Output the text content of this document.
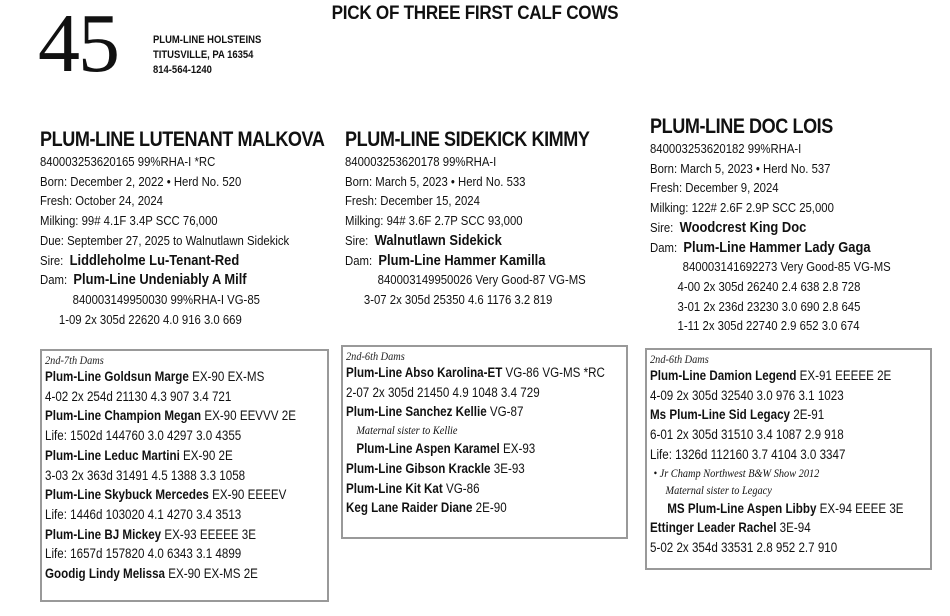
45	PLUM-LINE HOLSTEINS
TITUSVILLE, PA 16354
814-564-1240
PICK OF THREE FIRST CALF COWS
PLUM-LINE LUTENANT MALKOVA
840003253620165 99%RHA-I *RC
Born: December 2, 2022 • Herd No. 520
Fresh: October 24, 2024
Milking: 99# 4.1F 3.4P SCC 76,000
Due: September 27, 2025 to Walnutlawn Sidekick
Sire: Liddleholme Lu-Tenant-Red
Dam: Plum-Line Undeniably A Milf
840003149950030 99%RHA-I VG-85
1-09 2x 305d 22620 4.0 916 3.0 669
2nd-7th Dams
Plum-Line Goldsun Marge EX-90 EX-MS
4-02 2x 254d 21130 4.3 907 3.4 721
Plum-Line Champion Megan EX-90 EEVVV 2E
Life: 1502d 144760 3.0 4297 3.0 4355
Plum-Line Leduc Martini EX-90 2E
3-03 2x 363d 31491 4.5 1388 3.3 1058
Plum-Line Skybuck Mercedes EX-90 EEEEV
Life: 1446d 103020 4.1 4270 3.4 3513
Plum-Line BJ Mickey EX-93 EEEEE 3E
Life: 1657d 157820 4.0 6343 3.1 4899
Goodig Lindy Melissa EX-90 EX-MS 2E
PLUM-LINE SIDEKICK KIMMY
840003253620178 99%RHA-I
Born: March 5, 2023 • Herd No. 533
Fresh: December 15, 2024
Milking: 94# 3.6F 2.7P SCC 93,000
Sire: Walnutlawn Sidekick
Dam: Plum-Line Hammer Kamilla
840003149950026 Very Good-87 VG-MS
3-07 2x 305d 25350 4.6 1176 3.2 819
2nd-6th Dams
Plum-Line Abso Karolina-ET VG-86 VG-MS *RC
2-07 2x 305d 21450 4.9 1048 3.4 729
Plum-Line Sanchez Kellie VG-87
Maternal sister to Kellie
Plum-Line Aspen Karamel EX-93
Plum-Line Gibson Krackle 3E-93
Plum-Line Kit Kat VG-86
Keg Lane Raider Diane 2E-90
PLUM-LINE DOC LOIS
840003253620182 99%RHA-I
Born: March 5, 2023 • Herd No. 537
Fresh: December 9, 2024
Milking: 122# 2.6F 2.9P SCC 25,000
Sire: Woodcrest King Doc
Dam: Plum-Line Hammer Lady Gaga
840003141692273 Very Good-85 VG-MS
4-00 2x 305d 26240 2.4 638 2.8 728
3-01 2x 236d 23230 3.0 690 2.8 645
1-11 2x 305d 22740 2.9 652 3.0 674
2nd-6th Dams
Plum-Line Damion Legend EX-91 EEEEE 2E
4-09 2x 305d 32540 3.0 976 3.1 1023
Ms Plum-Line Sid Legacy 2E-91
6-01 2x 305d 31510 3.4 1087 2.9 918
Life: 1326d 112160 3.7 4104 3.0 3347
• Jr Champ Northwest B&W Show 2012
Maternal sister to Legacy
MS Plum-Line Aspen Libby EX-94 EEEE 3E
Ettinger Leader Rachel 3E-94
5-02 2x 354d 33531 2.8 952 2.7 910
